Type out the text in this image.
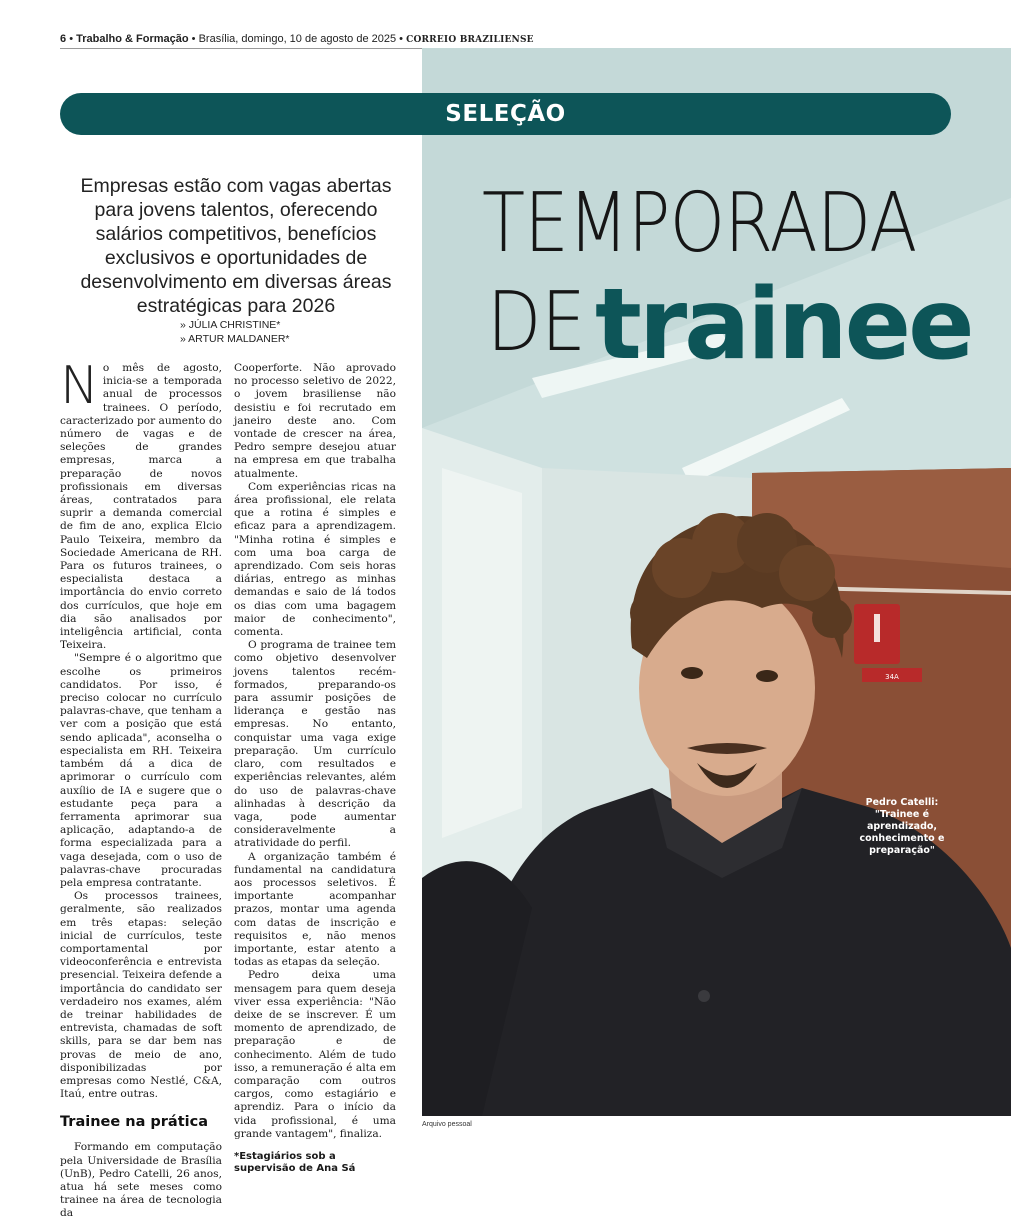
6 • Trabalho & Formação • Brasília, domingo, 10 de agosto de 2025 • CORREIO BRAZILIENSE
34A
Arquivo pessoal
SELEÇÃO
TEMPORADA
DE trainee
Empresas estão com vagas abertas para jovens talentos, oferecendo salários competitivos, benefícios exclusivos e oportunidades de desenvolvimento em diversas áreas estratégicas para 2026
» JÚLIA CHRISTINE*
» ARTUR MALDANER*

No mês de agosto, inicia-se a temporada anual de processos trainees. O período, caracterizado por aumento do número de vagas e de seleções de grandes empresas, marca a preparação de novos profissionais em diversas áreas, contratados para suprir a demanda comercial de fim de ano, explica Elcio Paulo Teixeira, membro da Sociedade Americana de RH. Para os futuros trainees, o especialista destaca a importância do envio correto dos currículos, que hoje em dia são analisados por inteligência artificial, conta Teixeira.

"Sempre é o algoritmo que escolhe os primeiros candidatos. Por isso, é preciso colocar no currículo palavras-chave, que tenham a ver com a posição que está sendo aplicada", aconselha o especialista em RH. Teixeira também dá a dica de aprimorar o currículo com auxílio de IA e sugere que o estudante peça para a ferramenta aprimorar sua aplicação, adaptando-a de forma especializada para a vaga desejada, com o uso de palavras-chave procuradas pela empresa contratante.

Os processos trainees, geralmente, são realizados em três etapas: seleção inicial de currículos, teste comportamental por videoconferência e entrevista presencial. Teixeira defende a importância do candidato ser verdadeiro nos exames, além de treinar habilidades de entrevista, chamadas de soft skills, para se dar bem nas provas de meio de ano, disponibilizadas por empresas como Nestlé, C&A, Itaú, entre outras.

Trainee na prática

Formando em computação pela Universidade de Brasília (UnB), Pedro Catelli, 26 anos, atua há sete meses como trainee na área de tecnologia da

Cooperforte. Não aprovado no processo seletivo de 2022, o jovem brasiliense não desistiu e foi recrutado em janeiro deste ano. Com vontade de crescer na área, Pedro sempre desejou atuar na empresa em que trabalha atualmente.

Com experiências ricas na área profissional, ele relata que a rotina é simples e eficaz para a aprendizagem. "Minha rotina é simples e com uma boa carga de aprendizado. Com seis horas diárias, entrego as minhas demandas e saio de lá todos os dias com uma bagagem maior de conhecimento", comenta.

O programa de trainee tem como objetivo desenvolver jovens talentos recém-formados, preparando-os para assumir posições de liderança e gestão nas empresas. No entanto, conquistar uma vaga exige preparação. Um currículo claro, com resultados e experiências relevantes, além do uso de palavras-chave alinhadas à descrição da vaga, pode aumentar consideravelmente a atratividade do perfil.

A organização também é fundamental na candidatura aos processos seletivos. É importante acompanhar prazos, montar uma agenda com datas de inscrição e requisitos e, não menos importante, estar atento a todas as etapas da seleção.

Pedro deixa uma mensagem para quem deseja viver essa experiência: "Não deixe de se inscrever. É um momento de aprendizado, de preparação e de conhecimento. Além de tudo isso, a remuneração é alta em comparação com outros cargos, como estagiário e aprendiz. Para o início da vida profissional, é uma grande vantagem", finaliza.

*Estagiários sob a supervisão de Ana Sá
Pedro Catelli: "Trainee é aprendizado, conhecimento e preparação"
